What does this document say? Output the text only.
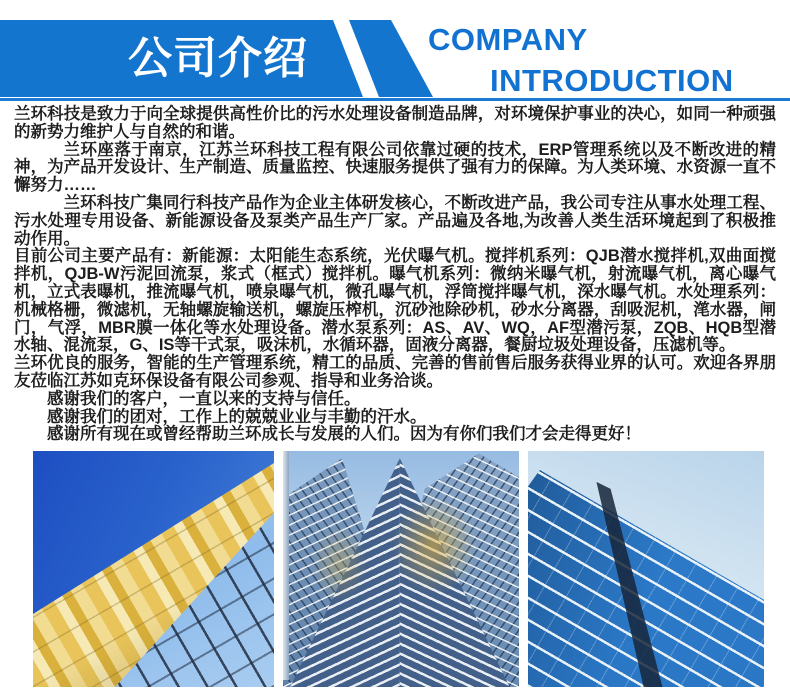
公司介绍	COMPANY
INTRODUCTION

兰环科技是致力于向全球提供高性价比的污水处理设备制造品牌，对环境保护事业的决心，如同一种顽强的新势力维护人与自然的和谐。

兰环座落于南京，江苏兰环科技工程有限公司依靠过硬的技术，ERP管理系统以及不断改进的精神，为产品开发设计、生产制造、质量监控、快速服务提供了强有力的保障。为人类环境、水资源一直不懈努力……

兰环科技广集同行科技产品作为企业主体研发核心，不断改进产品，我公司专注从事水处理工程、污水处理专用设备、新能源设备及泵类产品生产厂家。产品遍及各地,为改善人类生活环境起到了积极推动作用。

目前公司主要产品有：新能源：太阳能生态系统，光伏曝气机。搅拌机系列：QJB潜水搅拌机,双曲面搅拌机，QJB-W污泥回流泵，浆式（框式）搅拌机。曝气机系列：微纳米曝气机，射流曝气机，离心曝气机，立式表曝机，推流曝气机，喷泉曝气机，微孔曝气机，浮筒搅拌曝气机，深水曝气机。水处理系列：机械格栅，微滤机，无轴螺旋输送机，螺旋压榨机，沉砂池除砂机，砂水分离器，刮吸泥机，滗水器，闸门，气浮，MBR膜一体化等水处理设备。潜水泵系列：AS、AV、WQ，AF型潜污泵，ZQB、HQB型潜水轴、混流泵，G、IS等干式泵，吸沫机，水循环器，固液分离器，餐厨垃圾处理设备，压滤机等。

兰环优良的服务，智能的生产管理系统，精工的品质、完善的售前售后服务获得业界的认可。欢迎各界朋友莅临江苏如克环保设备有限公司参观、指导和业务洽谈。

感谢我们的客户，一直以来的支持与信任。

感谢我们的团对，工作上的兢兢业业与丰勤的汗水。

感谢所有现在或曾经帮助兰环成长与发展的人们。因为有你们我们才会走得更好！
